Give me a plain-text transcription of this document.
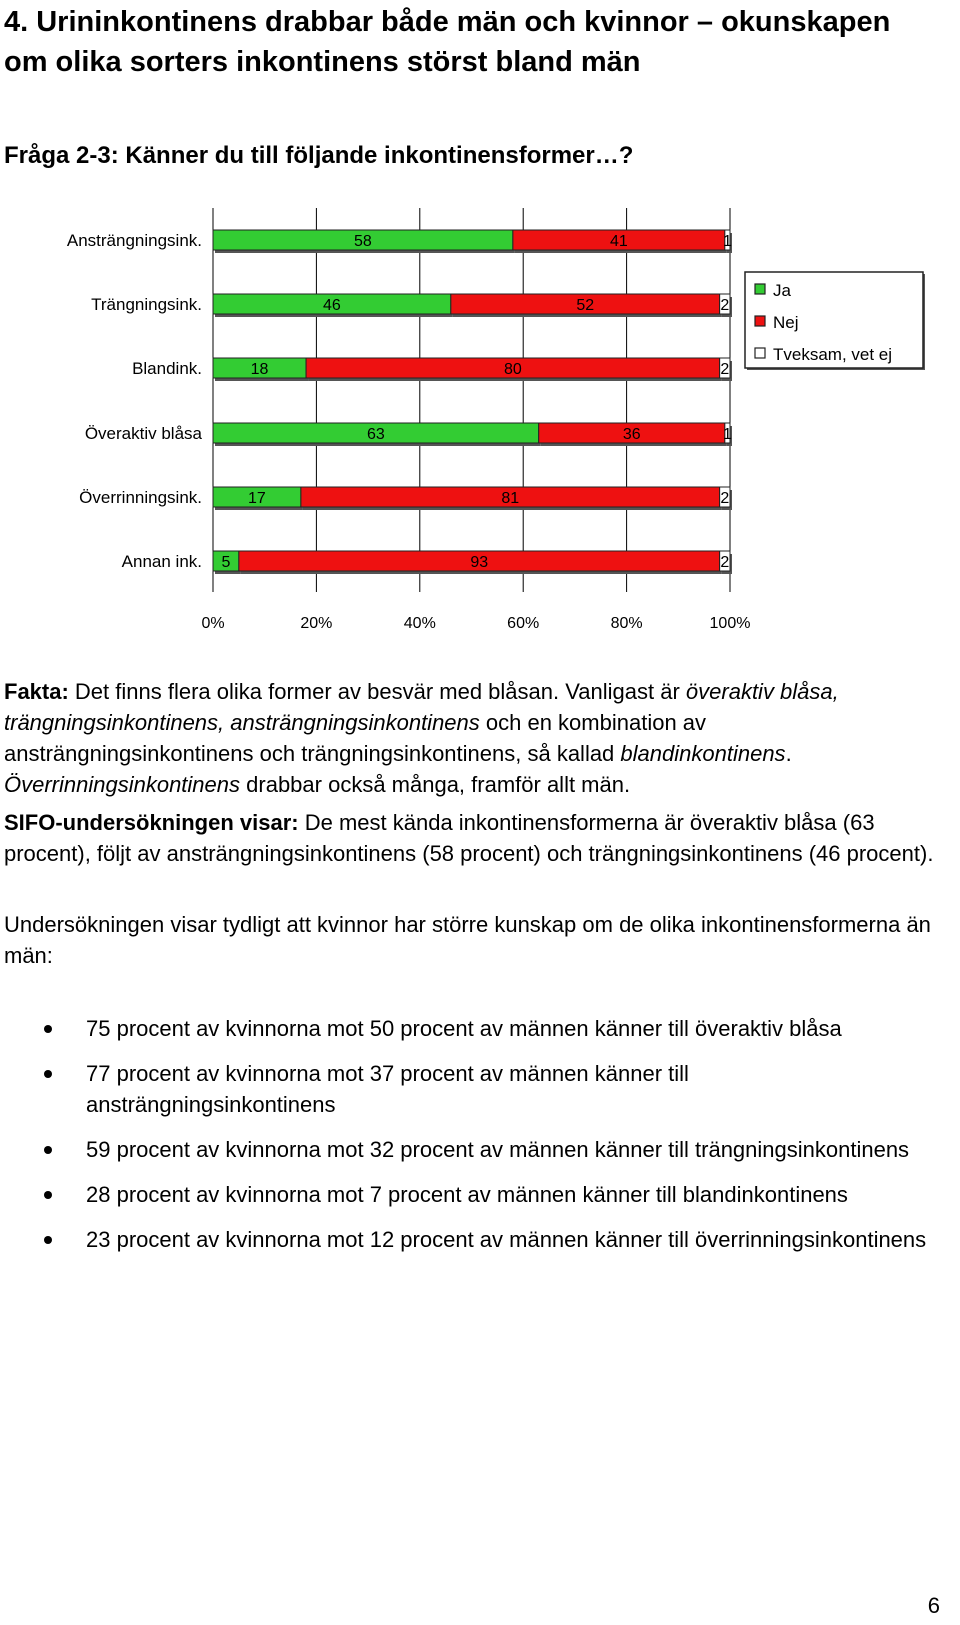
4. Urininkontinens drabbar både män och kvinnor – okunskapen om olika sorters inkontinens störst bland män
Fråga 2-3: Känner du till följande inkontinensformer…?
0%	20%	40%	60%	80%	100%
Ansträngningsink.	58	41	1
Trängningsink.	46	52	2
Blandink.	18	80	2
Överaktiv blåsa	63	36	1
Överrinningsink.	17	81	2
Annan ink. 5	93	2
Ja
Nej
Tveksam, vet ej

Fakta: Det finns flera olika former av besvär med blåsan. Vanligast är överaktiv blåsa, trängningsinkontinens, ansträngningsinkontinens och en kombination av ansträngningsinkontinens och trängningsinkontinens, så kallad blandinkontinens. Överrinningsinkontinens drabbar också många, framför allt män.

SIFO-undersökningen visar: De mest kända inkontinensformerna är överaktiv blåsa (63 procent), följt av ansträngningsinkontinens (58 procent) och trängningsinkontinens (46 procent).

Undersökningen visar tydligt att kvinnor har större kunskap om de olika inkontinensformerna än män:

75 procent av kvinnorna mot 50 procent av männen känner till överaktiv blåsa
77 procent av kvinnorna mot 37 procent av männen känner till ansträngningsinkontinens
59 procent av kvinnorna mot 32 procent av männen känner till trängningsinkontinens
28 procent av kvinnorna mot 7 procent av männen känner till blandinkontinens
23 procent av kvinnorna mot 12 procent av männen känner till överrinningsinkontinens
6
